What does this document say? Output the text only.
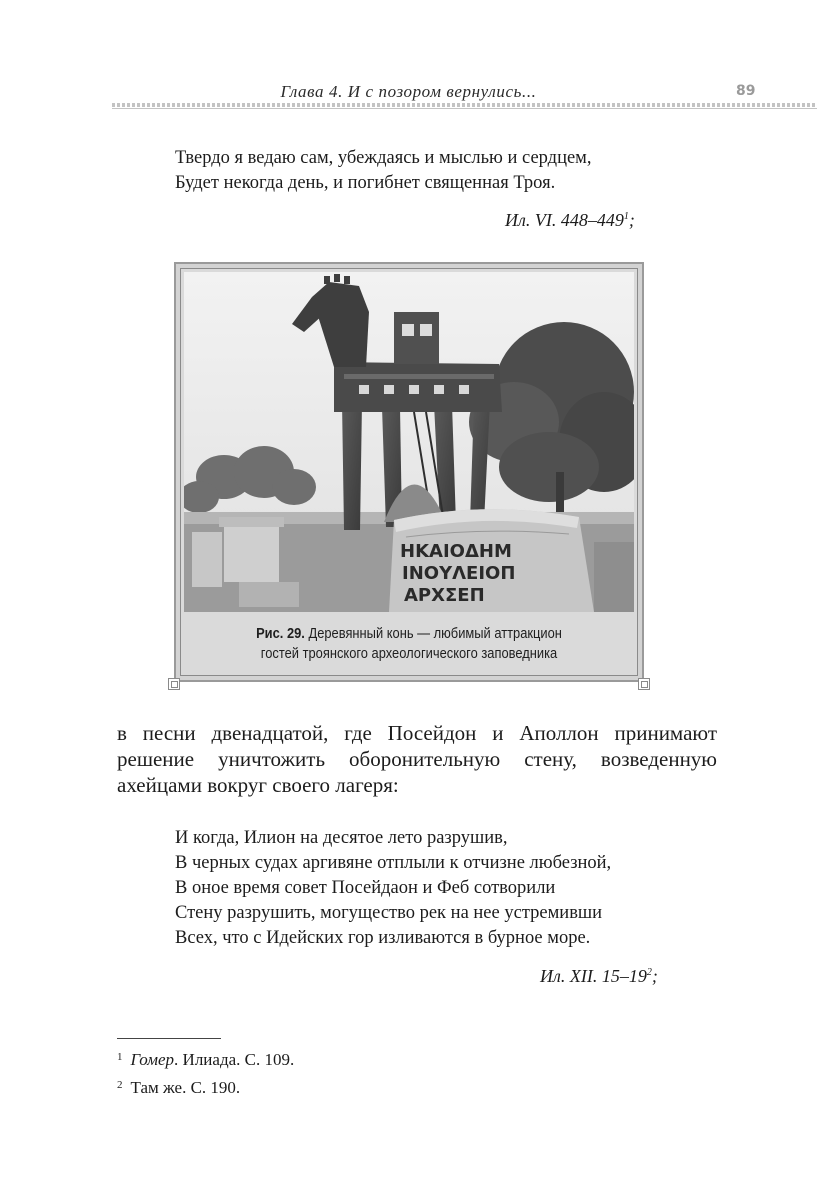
Глава 4. И с позором вернулись...	89
Твердо я ведаю сам, убеждаясь и мыслью и сердцем,
Будет некогда день, и погибнет священная Троя.
Ил. VI. $448-449^1$;
ΗΚΑΙΟΔΗΜ
ΙΝΟΥΛΕΙΟΠ
ΑΡΧΣΕΠ
Рис. 29. Деревянный конь — любимый аттракцион
гостей троянского археологического заповедника
в песни двенадцатой, где Посейдон и Аполлон принимают
решение уничтожить оборонительную стену, возведенную
ахейцами вокруг своего лагеря:
И когда, Илион на десятое лето разрушив,
В черных судах аргивяне отплыли к отчизне любезной,
В оное время совет Посейдаон и Феб сотворили
Стену разрушить, могущество рек на нее устремивши
Всех, что с Идейских гор изливаются в бурное море.
Ил. XII. $15-19^2$;
$^1$ Гомер. Илиада. С. 109.
$^2$ Там же. С. 190.
